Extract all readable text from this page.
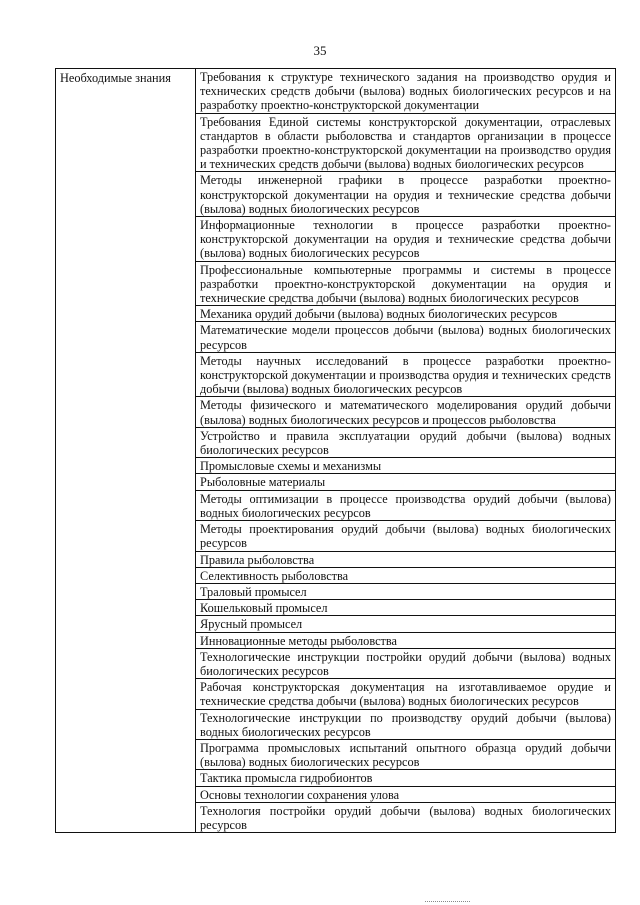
35
Необходимые знания	Требования к структуре технического задания на производство орудия и технических средств добычи (вылова) водных биологических ресурсов и на разработку проектно-конструкторской документации
Требования Единой системы конструкторской документации, отраслевых стандартов в области рыболовства и стандартов организации в процессе разработки проектно-конструкторской документации на производство орудия и технических средств добычи (вылова) водных биологических ресурсов
Методы инженерной графики в процессе разработки проектно-конструкторской документации на орудия и технические средства добычи (вылова) водных биологических ресурсов
Информационные технологии в процессе разработки проектно-конструкторской документации на орудия и технические средства добычи (вылова) водных биологических ресурсов
Профессиональные компьютерные программы и системы в процессе разработки проектно-конструкторской документации на орудия и технические средства добычи (вылова) водных биологических ресурсов
Механика орудий добычи (вылова) водных биологических ресурсов
Математические модели процессов добычи (вылова) водных биологических ресурсов
Методы научных исследований в процессе разработки проектно-конструкторской документации и производства орудия и технических средств добычи (вылова) водных биологических ресурсов
Методы физического и математического моделирования орудий добычи (вылова) водных биологических ресурсов и процессов рыболовства
Устройство и правила эксплуатации орудий добычи (вылова) водных биологических ресурсов
Промысловые схемы и механизмы
Рыболовные материалы
Методы оптимизации в процессе производства орудий добычи (вылова) водных биологических ресурсов
Методы проектирования орудий добычи (вылова) водных биологических ресурсов
Правила рыболовства
Селективность рыболовства
Траловый промысел
Кошельковый промысел
Ярусный промысел
Инновационные методы рыболовства
Технологические инструкции постройки орудий добычи (вылова) водных биологических ресурсов
Рабочая конструкторская документация на изготавливаемое орудие и технические средства добычи (вылова) водных биологических ресурсов
Технологические инструкции по производству орудий добычи (вылова) водных биологических ресурсов
Программа промысловых испытаний опытного образца орудий добычи (вылова) водных биологических ресурсов
Тактика промысла гидробионтов
Основы технологии сохранения улова
Технология постройки орудий добычи (вылова) водных биологических ресурсов
